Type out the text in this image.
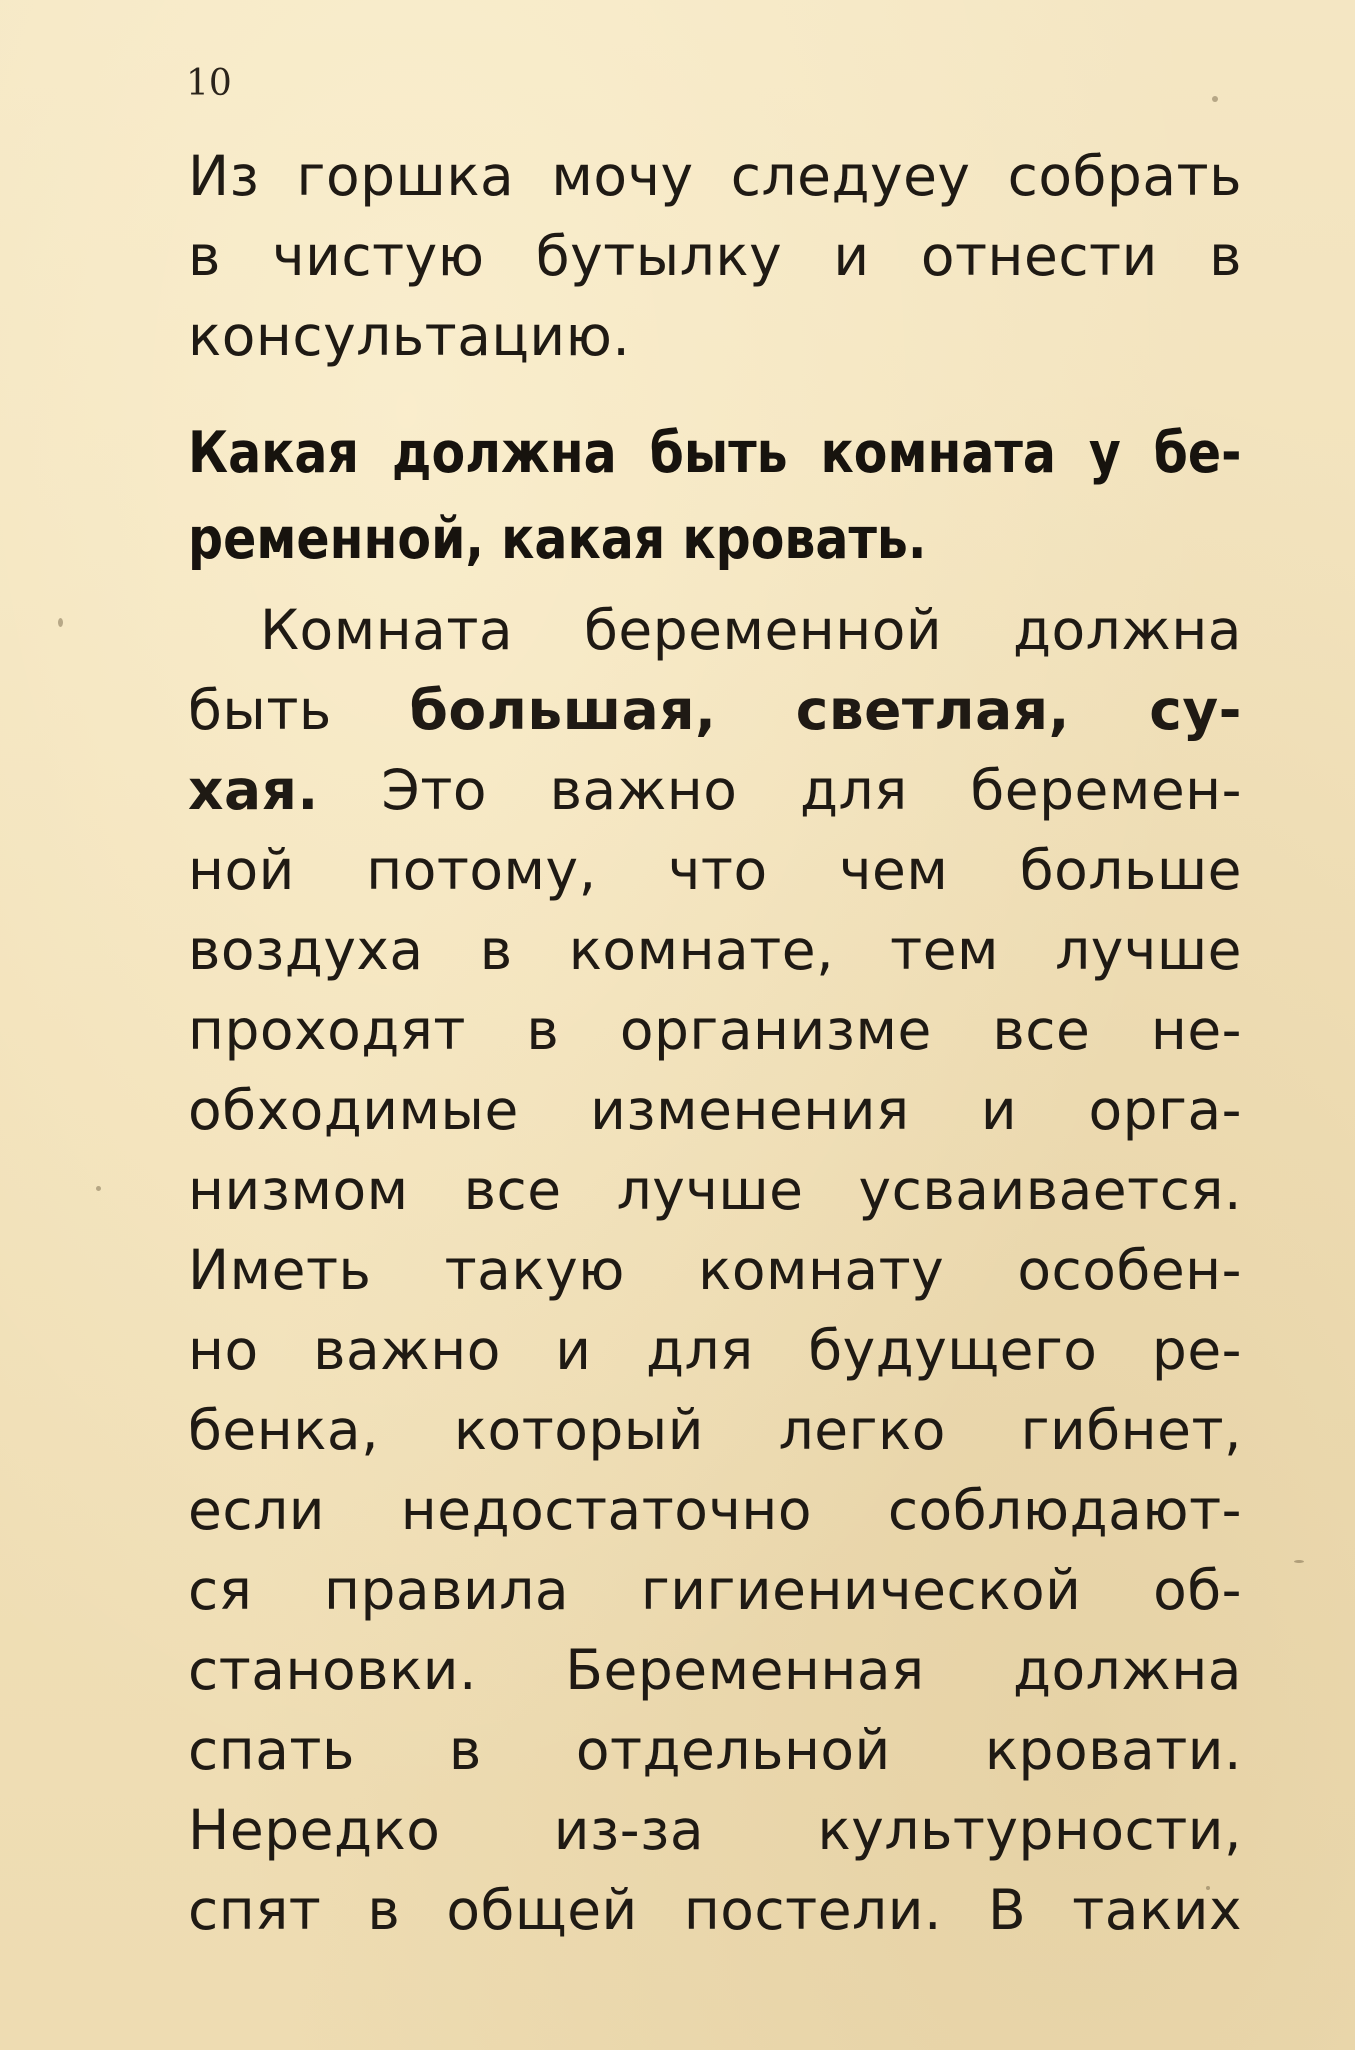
10
Из горшка мочу следуеу собрать
в чистую бутылку и отнести в
консультацию.
Какая должна быть комната у бе-
ременной, какая кровать.
Комната беременной должна
быть большая, светлая, су-
хая. Это важно для беремен-
ной потому, что чем больше
воздуха в комнате, тем лучше
проходят в организме все не-
обходимые изменения и орга-
низмом все лучше усваивается.
Иметь такую комнату особен-
но важно и для будущего ре-
бенка, который легко гибнет,
если недостаточно соблюдают-
ся правила гигиенической об-
становки. Беременная должна
спать в отдельной кровати.
Нередко из-за культурности,
спят в общей постели. В таких
